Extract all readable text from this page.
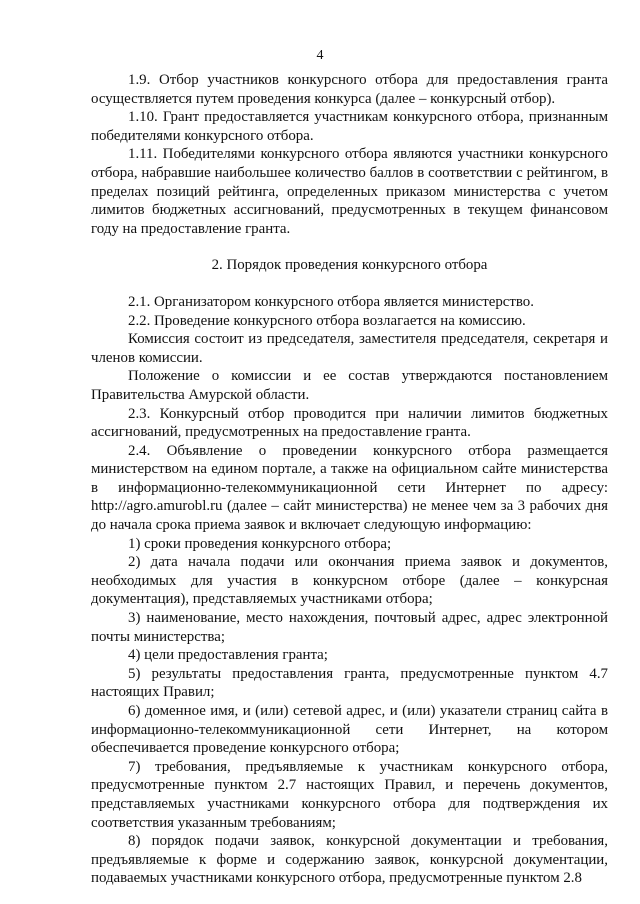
4

1.9. Отбор участников конкурсного отбора для предоставления гранта осуществляется путем проведения конкурса (далее – конкурсный отбор).

1.10. Грант предоставляется участникам конкурсного отбора, признанным победителями конкурсного отбора.

1.11. Победителями конкурсного отбора являются участники конкурсного отбора, набравшие наибольшее количество баллов в соответствии с рейтингом, в пределах позиций рейтинга, определенных приказом министерства с учетом лимитов бюджетных ассигнований, предусмотренных в текущем финансовом году на предоставление гранта.

2. Порядок проведения конкурсного отбора

2.1. Организатором конкурсного отбора является министерство.

2.2. Проведение конкурсного отбора возлагается на комиссию.

Комиссия состоит из председателя, заместителя председателя, секретаря и членов комиссии.

Положение о комиссии и ее состав утверждаются постановлением Правительства Амурской области.

2.3. Конкурсный отбор проводится при наличии лимитов бюджетных ассигнований, предусмотренных на предоставление гранта.

2.4. Объявление о проведении конкурсного отбора размещается министерством на едином портале, а также на официальном сайте министерства в информационно-телекоммуникационной сети Интернет по адресу: http://agro.amurobl.ru (далее – сайт министерства) не менее чем за 3 рабочих дня до начала срока приема заявок и включает следующую информацию:

1) сроки проведения конкурсного отбора;

2) дата начала подачи или окончания приема заявок и документов, необходимых для участия в конкурсном отборе (далее – конкурсная документация), представляемых участниками отбора;

3) наименование, место нахождения, почтовый адрес, адрес электронной почты министерства;

4) цели предоставления гранта;

5) результаты предоставления гранта, предусмотренные пунктом 4.7 настоящих Правил;

6) доменное имя, и (или) сетевой адрес, и (или) указатели страниц сайта в информационно-телекоммуникационной сети Интернет, на котором обеспечивается проведение конкурсного отбора;

7) требования, предъявляемые к участникам конкурсного отбора, предусмотренные пунктом 2.7 настоящих Правил, и перечень документов, представляемых участниками конкурсного отбора для подтверждения их соответствия указанным требованиям;

8) порядок подачи заявок, конкурсной документации и требования, предъявляемые к форме и содержанию заявок, конкурсной документации, подаваемых участниками конкурсного отбора, предусмотренные пунктом 2.8
